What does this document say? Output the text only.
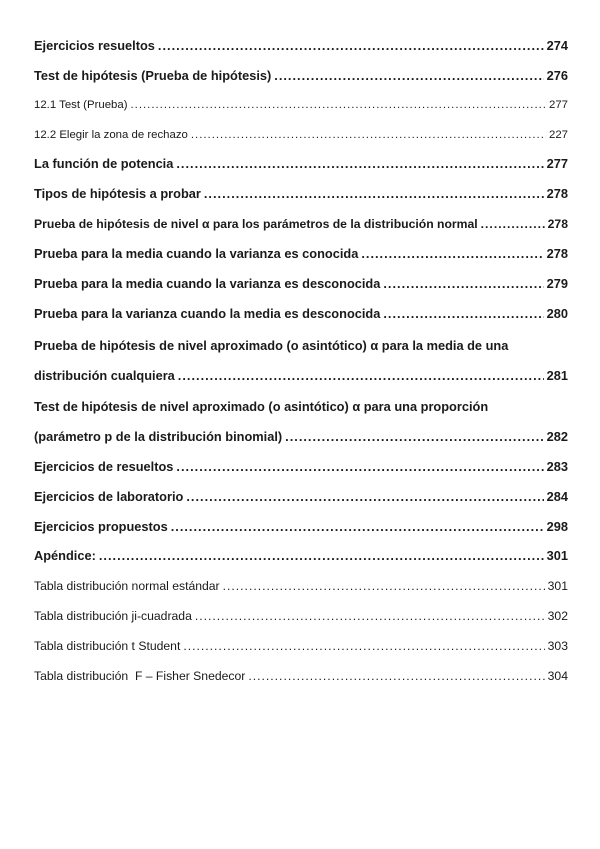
Ejercicios resueltos .....	274
Test de hipótesis (Prueba de hipótesis) .....	276
12.1 Test (Prueba) .....	277
12.2 Elegir la zona de rechazo .....	227
La función de potencia .....	277
Tipos de hipótesis a probar .....	278
Prueba de hipótesis de nivel α para los parámetros de la distribución normal .....	278
Prueba para la media cuando la varianza es conocida .....	278
Prueba para la media cuando la varianza es desconocida .....	279
Prueba para la varianza cuando la media es desconocida .....	280
Prueba de hipótesis de nivel aproximado (o asintótico) α para la media de una
distribución cualquiera .....	281
Test de hipótesis de nivel aproximado (o asintótico) α para una proporción
(parámetro p de la distribución binomial) .....	282
Ejercicios de resueltos .....	283
Ejercicios de laboratorio .....	284
Ejercicios propuestos .....	298
Apéndice: .....	301
Tabla distribución normal estándar .....	301
Tabla distribución ji-cuadrada .....	302
Tabla distribución t Student .....	303
Tabla distribución  F – Fisher Snedecor .....	304
